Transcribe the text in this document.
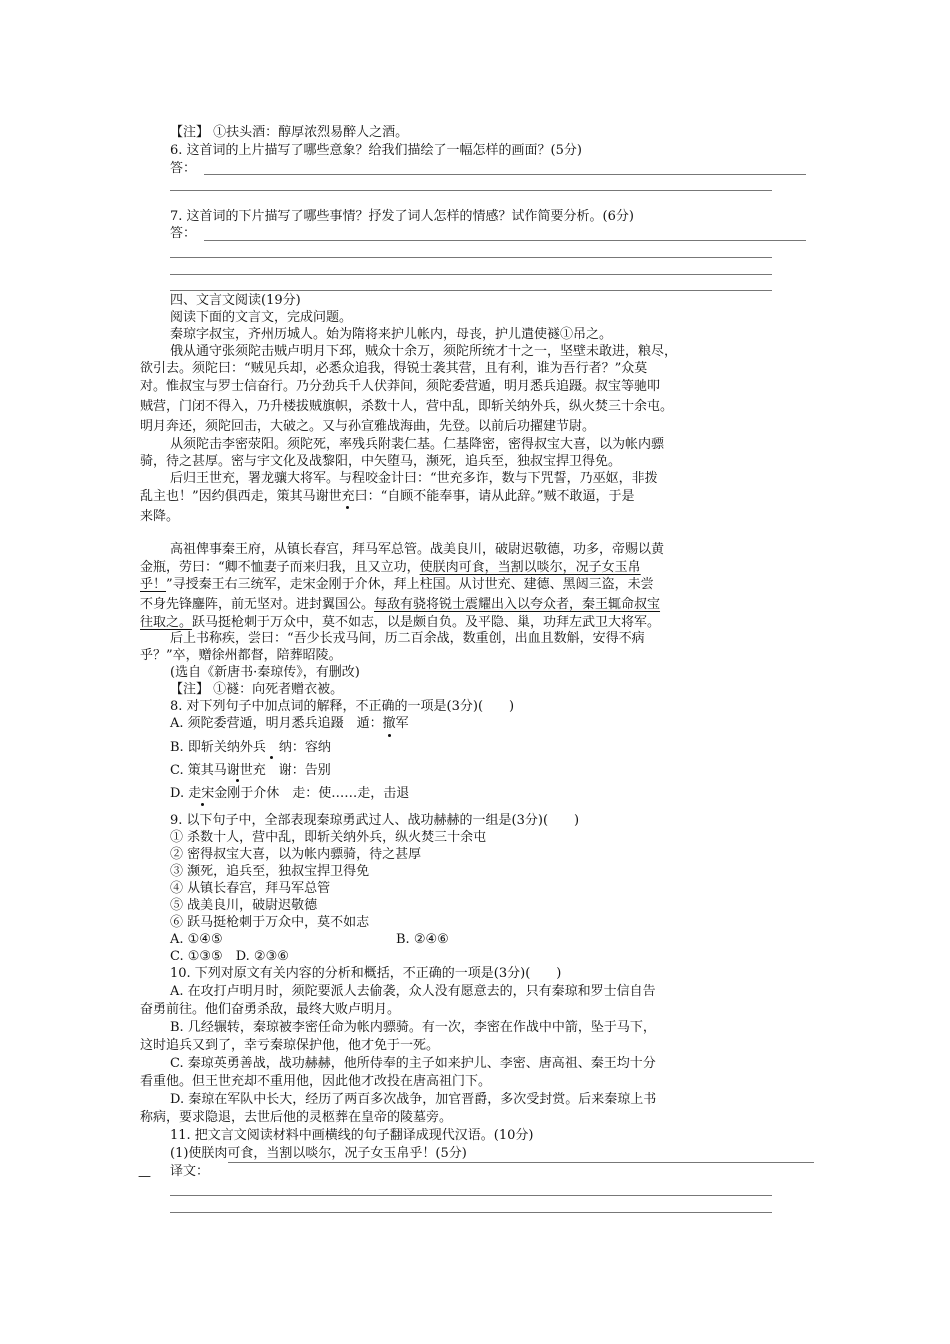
【注】 ①扶头酒：醇厚浓烈易醉人之酒。
6. 这首词的上片描写了哪些意象？给我们描绘了一幅怎样的画面？(5分)
答：
7. 这首词的下片描写了哪些事情？抒发了词人怎样的情感？试作简要分析。(6分)
答：
四、文言文阅读(19分)
阅读下面的文言文，完成问题。
秦琼字叔宝，齐州历城人。始为隋将来护儿帐内，母丧，护儿遣使襚①吊之。
俄从通守张须陀击贼卢明月下邳，贼众十余万，须陀所统才十之一，坚壁未敢进，粮尽，
欲引去。须陀曰：“贼见兵却，必悉众追我，得锐士袭其营，且有利，谁为吾行者？”众莫
对。惟叔宝与罗士信奋行。乃分劲兵千人伏莽间，须陀委营遁，明月悉兵追蹑。叔宝等驰叩
贼营，门闭不得入，乃升楼拔贼旗帜，杀数十人，营中乱，即斩关纳外兵，纵火焚三十余屯。
明月奔还，须陀回击，大破之。又与孙宣雅战海曲，先登。以前后功擢建节尉。
从须陀击李密荥阳。须陀死，率残兵附裴仁基。仁基降密，密得叔宝大喜，以为帐内骠
骑，待之甚厚。密与宇文化及战黎阳，中矢堕马，濒死，追兵至，独叔宝捍卫得免。
后归王世充，署龙骧大将军。与程咬金计曰：“世充多诈，数与下咒誓，乃巫妪，非拨
乱主也！”因约俱西走，策其马谢世充曰：“自顾不能奉事，请从此辞。”贼不敢逼，于是
来降。
高祖俾事秦王府，从镇长春宫，拜马军总管。战美良川，破尉迟敬德，功多，帝赐以黄
金瓶，劳曰：“卿不恤妻子而来归我，且又立功，使朕肉可食，当割以啖尔，况子女玉帛
乎！”寻授秦王右三统军，走宋金刚于介休，拜上柱国。从讨世充、建德、黑闼三盗，未尝
不身先锋鏖阵，前无坚对。进封翼国公。每敌有骁将锐士震耀出入以夸众者，秦王辄命叔宝
往取之。跃马挺枪刺于万众中，莫不如志，以是颇自负。及平隐、巢，功拜左武卫大将军。
后上书称疾，尝曰：“吾少长戎马间，历二百余战，数重创，出血且数斛，安得不病
乎？”卒，赠徐州都督，陪葬昭陵。
(选自《新唐书·秦琼传》，有删改)
【注】 ①襚：向死者赠衣被。
8. 对下列句子中加点词的解释，不正确的一项是(3分)(　　)
A. 须陀委营遁，明月悉兵追蹑　遁：撤军
B. 即斩关纳外兵　纳：容纳
C. 策其马谢世充　谢：告别
D. 走宋金刚于介休　走：使……走，击退
9. 以下句子中，全部表现秦琼勇武过人、战功赫赫的一组是(3分)(　　)
① 杀数十人，营中乱，即斩关纳外兵，纵火焚三十余屯
② 密得叔宝大喜，以为帐内骠骑，待之甚厚
③ 濒死，追兵至，独叔宝捍卫得免
④ 从镇长春宫，拜马军总管
⑤ 战美良川，破尉迟敬德
⑥ 跃马挺枪刺于万众中，莫不如志
A. ①④⑤	B. ②④⑥
C. ①③⑤　D. ②③⑥
10. 下列对原文有关内容的分析和概括，不正确的一项是(3分)(　　)
A. 在攻打卢明月时，须陀要派人去偷袭，众人没有愿意去的，只有秦琼和罗士信自告
奋勇前往。他们奋勇杀敌，最终大败卢明月。
B. 几经辗转，秦琼被李密任命为帐内骠骑。有一次，李密在作战中中箭，坠于马下，
这时追兵又到了，幸亏秦琼保护他，他才免于一死。
C. 秦琼英勇善战，战功赫赫，他所侍奉的主子如来护儿、李密、唐高祖、秦王均十分
看重他。但王世充却不重用他，因此他才改投在唐高祖门下。
D. 秦琼在军队中长大，经历了两百多次战争，加官晋爵，多次受封赏。后来秦琼上书
称病，要求隐退，去世后他的灵柩葬在皇帝的陵墓旁。
11. 把文言文阅读材料中画横线的句子翻译成现代汉语。(10分)
(1)使朕肉可食，当割以啖尔，况子女玉帛乎！(5分)
译文：
—
